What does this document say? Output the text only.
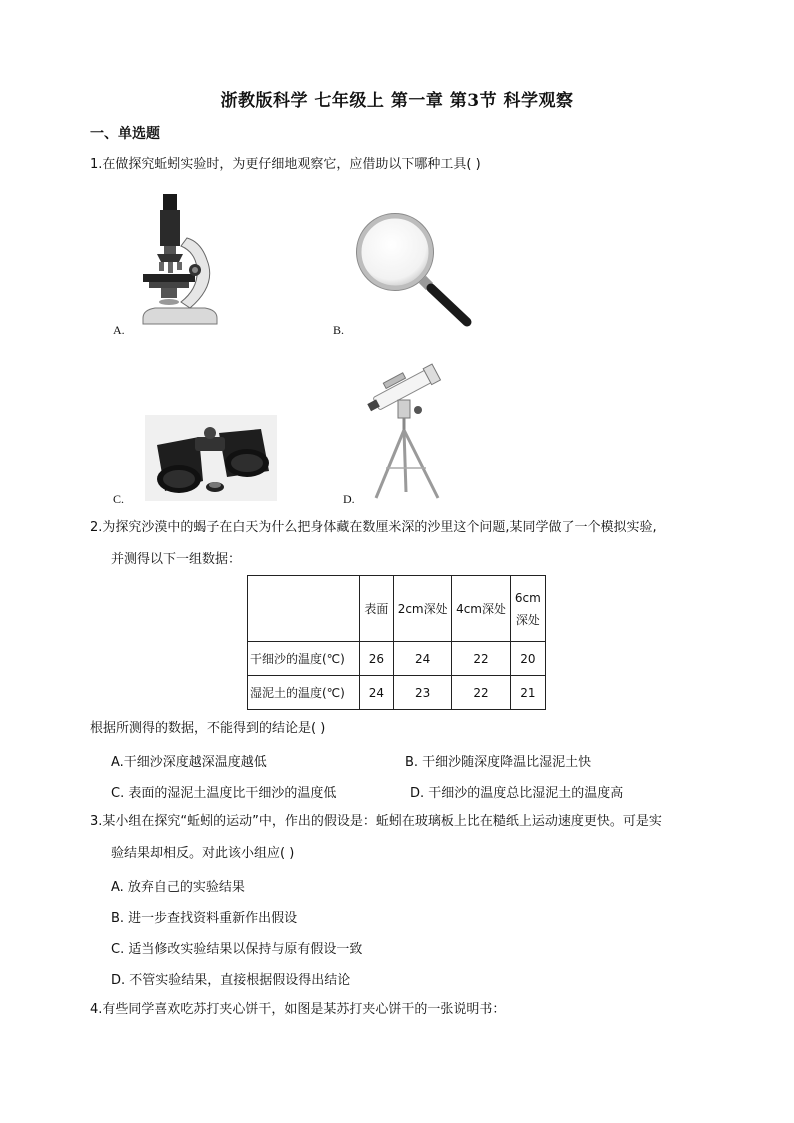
浙教版科学 七年级上 第一章 第3节 科学观察
一、单选题
1.在做探究蚯蚓实验时，为更仔细地观察它，应借助以下哪种工具( )
A.	B.
C.	D.
2.为探究沙漠中的蝎子在白天为什么把身体藏在数厘米深的沙里这个问题,某同学做了一个模拟实验,
并测得以下一组数据：
	表面	2cm深处	4cm深处	6cm
深处

干细沙的温度(℃)	26	24	22	20
湿泥土的温度(℃)	24	23	22	21
根据所测得的数据，不能得到的结论是( )
A.干细沙深度越深温度越低	B. 干细沙随深度降温比湿泥土快
C. 表面的湿泥土温度比干细沙的温度低	D. 干细沙的温度总比湿泥土的温度高
3.某小组在探究“蚯蚓的运动”中，作出的假设是：蚯蚓在玻璃板上比在糙纸上运动速度更快。可是实
验结果却相反。对此该小组应( )
A. 放弃自己的实验结果
B. 进一步查找资料重新作出假设
C. 适当修改实验结果以保持与原有假设一致
D. 不管实验结果，直接根据假设得出结论
4.有些同学喜欢吃苏打夹心饼干，如图是某苏打夹心饼干的一张说明书：
